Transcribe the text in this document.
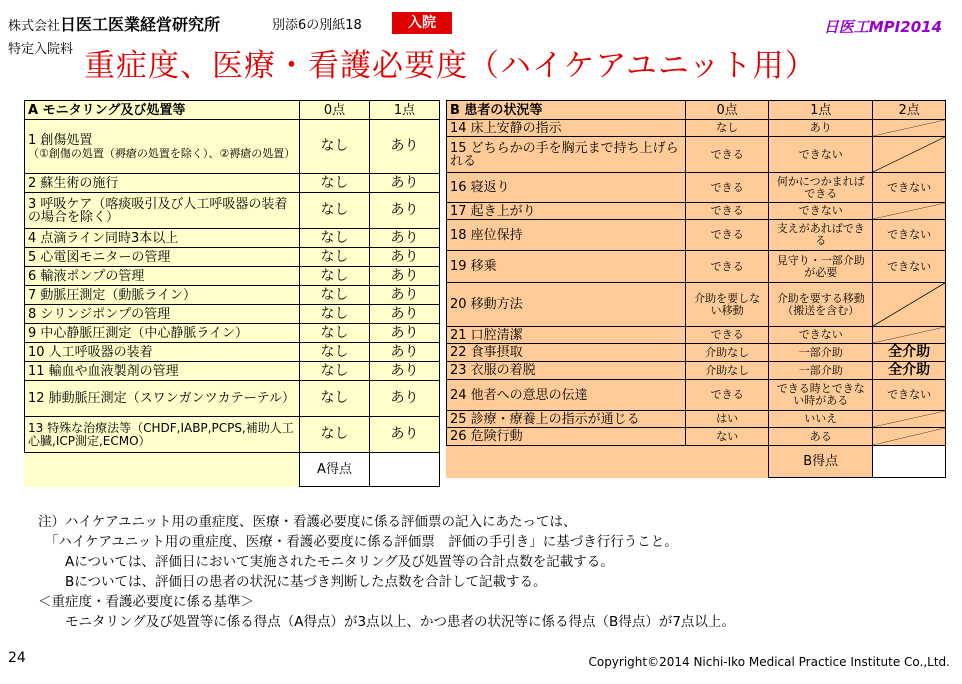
株式会社日医工医業経営研究所	別添6の別紙18	入院	日医工MPI2014
特定入院料 重症度、医療・看護必要度（ハイケアユニット用）
A モニタリング及び処置等	0点	1点
1 創傷処置
（①創傷の処置（褥瘡の処置を除く）、②褥瘡の処置）	なし	あり
2 蘇生術の施行	なし	あり
3 呼吸ケア（喀痰吸引及び人工呼吸器の装着の場合を除く）	なし	あり
4 点滴ライン同時3本以上	なし	あり
5 心電図モニターの管理	なし	あり
6 輸液ポンプの管理	なし	あり
7 動脈圧測定（動脈ライン）	なし	あり
8 シリンジポンプの管理	なし	あり
9 中心静脈圧測定（中心静脈ライン）	なし	あり
10 人工呼吸器の装着	なし	あり
11 輸血や血液製剤の管理	なし	あり
12 肺動脈圧測定（スワンガンツカテーテル）	なし	あり
13 特殊な治療法等（CHDF,IABP,PCPS,補助人工心臓,ICP測定,ECMO）	なし	あり
	A得点	
B 患者の状況等	0点	1点	2点
14 床上安静の指示	なし	あり	

15 どちらかの手を胸元まで持ち上げられる	できる	できない	

16 寝返り	できる	何かにつかまればできる	できない
17 起き上がり	できる	できない	

18 座位保持	できる	支えがあればできる	できない
19 移乗	できる	見守り・一部介助が必要	できない
20 移動方法	介助を要しない移動	介助を要する移動（搬送を含む）	

21 口腔清潔	できる	できない	

22 食事摂取	介助なし	一部介助	全介助
23 衣服の着脱	介助なし	一部介助	全介助
24 他者への意思の伝達	できる	できる時とできない時がある	できない
25 診療・療養上の指示が通じる	はい	いいえ	

26 危険行動	ない	ある	

		B得点	
注）ハイケアユニット用の重症度、医療・看護必要度に係る評価票の記入にあたっては、
　「ハイケアユニット用の重症度、医療・看護必要度に係る評価票　評価の手引き」に基づき行行うこと。
　　Aについては、評価日において実施されたモニタリング及び処置等の合計点数を記載する。
　　Bについては、評価日の患者の状況に基づき判断した点数を合計して記載する。
＜重症度・看護必要度に係る基準＞
　　モニタリング及び処置等に係る得点（A得点）が3点以上、かつ患者の状況等に係る得点（B得点）が7点以上。
24	Copyright©2014 Nichi-Iko Medical Practice Institute Co.,Ltd.
